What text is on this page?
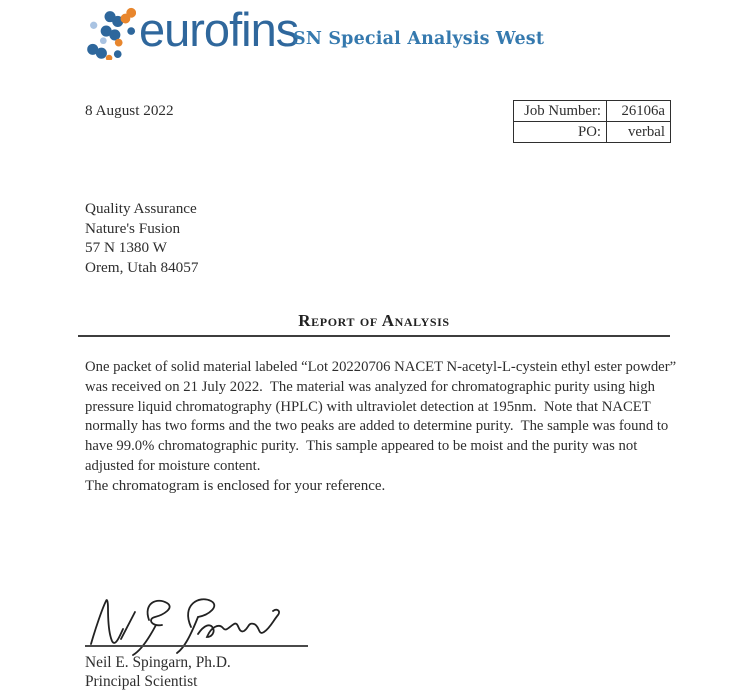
eurofins
SN Special Analysis West
8 August 2022	Job Number:	26106a
PO:	verbal
Quality Assurance
Nature's Fusion
57 N 1380 W
Orem, Utah 84057
Report of Analysis
One packet of solid material labeled “Lot 20220706 NACET N-acetyl-L-cystein ethyl ester powder” was received on 21 July 2022.  The material was analyzed for chromatographic purity using high pressure liquid chromatography (HPLC) with ultraviolet detection at 195nm.  Note that NACET normally has two forms and the two peaks are added to determine purity.  The sample was found to have 99.0% chromatographic purity.  This sample appeared to be moist and the purity was not adjusted for moisture content.
The chromatogram is enclosed for your reference.
Neil E. Spingarn, Ph.D.
Principal Scientist
